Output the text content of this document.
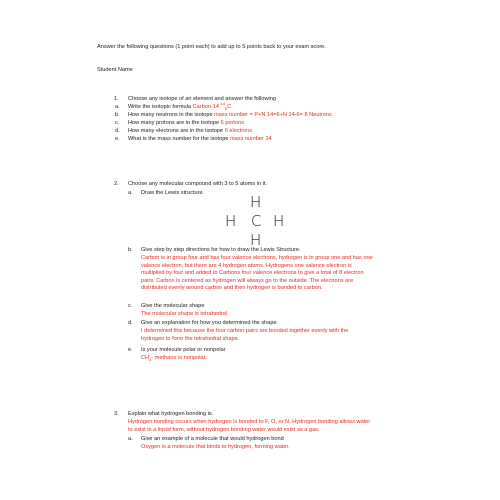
Answer the following questions (1 point each) to add up to 5 points back to your exam score.
Student Name
1. Choose any isotope of an element and answer the following
a. Write the isotopic formula Carbon-14 $^{14}_6$C
b. How many neutrons in the isotope mass number = P+N 14=6+N 14-6= 8 Neutrons
c. How many protons are in the isotope 6 protons
d. How many electrons are in the isotope 6 electrons
e. What is the mass number for the isotope mass number 14
2. Choose any molecular compound with 3 to 5 atoms in it.
a. Draw the Lewis structure.	H
H C H
H
b. Give step by step directions for how to draw the Lewis Structure.
Carbon is in group four and has four valence electrons, hydrogen is in group one and has one valence electron, but there are 4 hydrogen atoms. Hydrogens one valence electron is multiplied by four and added to Carbons four valence electrons to give a total of 8 electron pairs. Carbon is centered as hydrogen will always go to the outside. The electrons are distributed evenly around carbon and then hydrogen is bonded to carbon.
c. Give the molecular shape
The molecular shape is tetrahedral
d. Give an explanation for how you determined the shape
I determined this because the four carbon pairs are bonded together evenly with the hydrogen to form the tetrahedral shape.
e. Is your molecule polar or nonpolar
$CH_4-$ methane is nonpolar.
3. Explain what hydrogen bonding is.
Hydrogen bonding occurs when hydrogen is bonded to F, O, or N. Hydrogen bonding allows water to exist in a liquid form, without hydrogen bonding water would exist as a gas.
a. Give an example of a molecule that would hydrogen bond
Oxygen is a molecule that binds to hydrogen, forming water.
